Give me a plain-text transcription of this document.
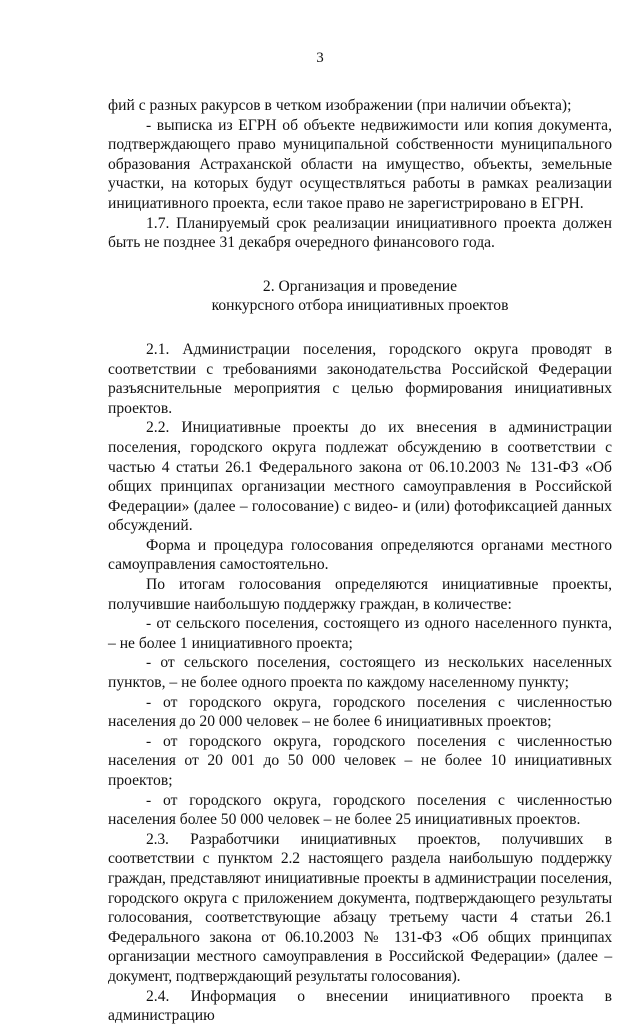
3

фий с разных ракурсов в четком изображении (при наличии объекта);

- выписка из ЕГРН об объекте недвижимости или копия документа, подтверждающего право муниципальной собственности муниципального образования Астраханской области на имущество, объекты, земельные участки, на которых будут осуществляться работы в рамках реализации инициативного проекта, если такое право не зарегистрировано в ЕГРН.

1.7. Планируемый срок реализации инициативного проекта должен быть не позднее 31 декабря очередного финансового года.

2. Организация и проведение
конкурсного отбора инициативных проектов

2.1. Администрации поселения, городского округа проводят в соответствии с требованиями законодательства Российской Федерации разъяснительные мероприятия с целью формирования инициативных проектов.

2.2. Инициативные проекты до их внесения в администрации поселения, городского округа подлежат обсуждению в соответствии с частью 4 статьи 26.1 Федерального закона от 06.10.2003 № 131-ФЗ «Об общих принципах организации местного самоуправления в Российской Федерации» (далее – голосование) с видео- и (или) фотофиксацией данных обсуждений.

Форма и процедура голосования определяются органами местного самоуправления самостоятельно.

По итогам голосования определяются инициативные проекты, получившие наибольшую поддержку граждан, в количестве:

- от сельского поселения, состоящего из одного населенного пункта, – не более 1 инициативного проекта;

- от сельского поселения, состоящего из нескольких населенных пунктов, – не более одного проекта по каждому населенному пункту;

- от городского округа, городского поселения с численностью населения до 20 000 человек – не более 6 инициативных проектов;

- от городского округа, городского поселения с численностью населения от 20 001 до 50 000 человек – не более 10 инициативных проектов;

- от городского округа, городского поселения с численностью населения более 50 000 человек – не более 25 инициативных проектов.

2.3. Разработчики инициативных проектов, получивших в соответствии с пунктом 2.2 настоящего раздела наибольшую поддержку граждан, представляют инициативные проекты в администрации поселения, городского округа с приложением документа, подтверждающего результаты голосования, соответствующие абзацу третьему части 4 статьи 26.1 Федерального закона от 06.10.2003 № 131-ФЗ «Об общих принципах организации местного самоуправления в Российской Федерации» (далее – документ, подтверждающий результаты голосования).

2.4. Информация о внесении инициативного проекта в администрацию
